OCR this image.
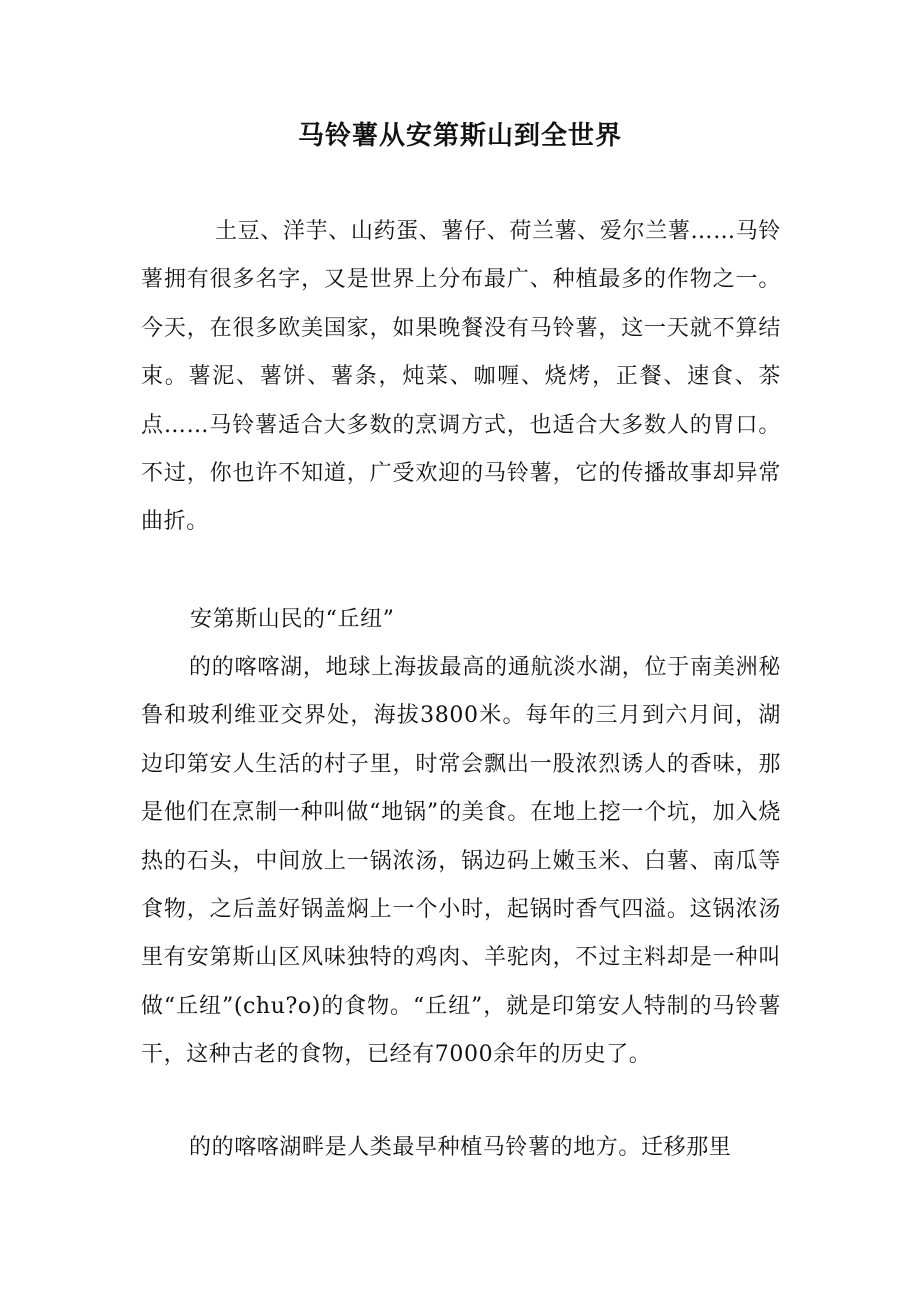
马铃薯从安第斯山到全世界
土豆、洋芋、山药蛋、薯仔、荷兰薯、爱尔兰薯……马铃薯拥有很多名字，又是世界上分布最广、种植最多的作物之一。今天，在很多欧美国家，如果晚餐没有马铃薯，这一天就不算结束。薯泥、薯饼、薯条，炖菜、咖喱、烧烤，正餐、速食、茶点……马铃薯适合大多数的烹调方式，也适合大多数人的胃口。不过，你也许不知道，广受欢迎的马铃薯，它的传播故事却异常曲折。
安第斯山民的“丘纽”
的的喀喀湖，地球上海拔最高的通航淡水湖，位于南美洲秘鲁和玻利维亚交界处，海拔3800米。每年的三月到六月间，湖边印第安人生活的村子里，时常会飘出一股浓烈诱人的香味，那是他们在烹制一种叫做“地锅”的美食。在地上挖一个坑，加入烧热的石头，中间放上一锅浓汤，锅边码上嫩玉米、白薯、南瓜等食物，之后盖好锅盖焖上一个小时，起锅时香气四溢。这锅浓汤里有安第斯山区风味独特的鸡肉、羊驼肉，不过主料却是一种叫做“丘纽”(chu?o)的食物。“丘纽”，就是印第安人特制的马铃薯干，这种古老的食物，已经有7000余年的历史了。
的的喀喀湖畔是人类最早种植马铃薯的地方。迁移那里
